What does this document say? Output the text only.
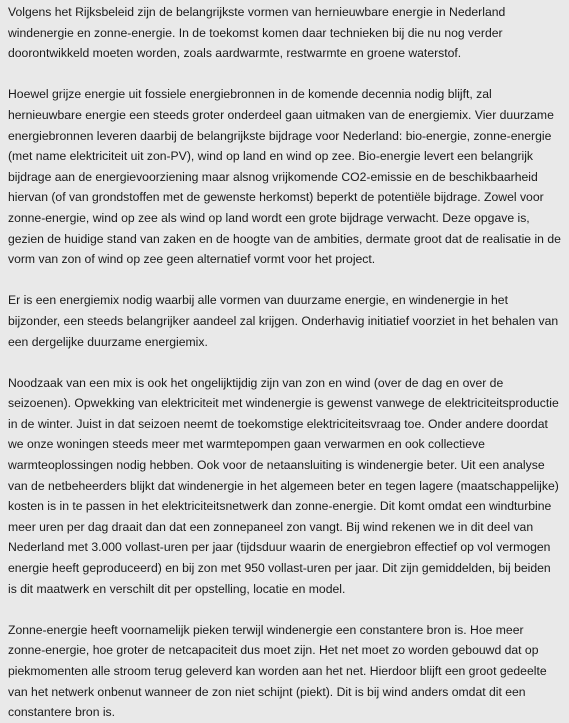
Volgens het Rijksbeleid zijn de belangrijkste vormen van hernieuwbare energie in Nederland windenergie en zonne-energie. In de toekomst komen daar technieken bij die nu nog verder doorontwikkeld moeten worden, zoals aardwarmte, restwarmte en groene waterstof.

Hoewel grijze energie uit fossiele energiebronnen in de komende decennia nodig blijft, zal hernieuwbare energie een steeds groter onderdeel gaan uitmaken van de energiemix. Vier duurzame energiebronnen leveren daarbij de belangrijkste bijdrage voor Nederland: bio-energie, zonne-energie (met name elektriciteit uit zon-PV), wind op land en wind op zee. Bio-energie levert een belangrijk bijdrage aan de energievoorziening maar alsnog vrijkomende CO2-emissie en de beschikbaarheid hiervan (of van grondstoffen met de gewenste herkomst) beperkt de potentiële bijdrage. Zowel voor zonne-energie, wind op zee als wind op land wordt een grote bijdrage verwacht. Deze opgave is, gezien de huidige stand van zaken en de hoogte van de ambities, dermate groot dat de realisatie in de vorm van zon of wind op zee geen alternatief vormt voor het project.

Er is een energiemix nodig waarbij alle vormen van duurzame energie, en windenergie in het bijzonder, een steeds belangrijker aandeel zal krijgen. Onderhavig initiatief voorziet in het behalen van een dergelijke duurzame energiemix.

Noodzaak van een mix is ook het ongelijktijdig zijn van zon en wind (over de dag en over de seizoenen). Opwekking van elektriciteit met windenergie is gewenst vanwege de elektriciteitsproductie in de winter. Juist in dat seizoen neemt de toekomstige elektriciteitsvraag toe. Onder andere doordat we onze woningen steeds meer met warmtepompen gaan verwarmen en ook collectieve warmteoplossingen nodig hebben. Ook voor de netaansluiting is windenergie beter. Uit een analyse van de netbeheerders blijkt dat windenergie in het algemeen beter en tegen lagere (maatschappelijke) kosten is in te passen in het elektriciteitsnetwerk dan zonne-energie. Dit komt omdat een windturbine meer uren per dag draait dan dat een zonnepaneel zon vangt. Bij wind rekenen we in dit deel van Nederland met 3.000 vollast-uren per jaar (tijdsduur waarin de energiebron effectief op vol vermogen energie heeft geproduceerd) en bij zon met 950 vollast-uren per jaar. Dit zijn gemiddelden, bij beiden is dit maatwerk en verschilt dit per opstelling, locatie en model.

Zonne-energie heeft voornamelijk pieken terwijl windenergie een constantere bron is. Hoe meer zonne-energie, hoe groter de netcapaciteit dus moet zijn. Het net moet zo worden gebouwd dat op piekmomenten alle stroom terug geleverd kan worden aan het net. Hierdoor blijft een groot gedeelte van het netwerk onbenut wanneer de zon niet schijnt (piekt). Dit is bij wind anders omdat dit een constantere bron is.
